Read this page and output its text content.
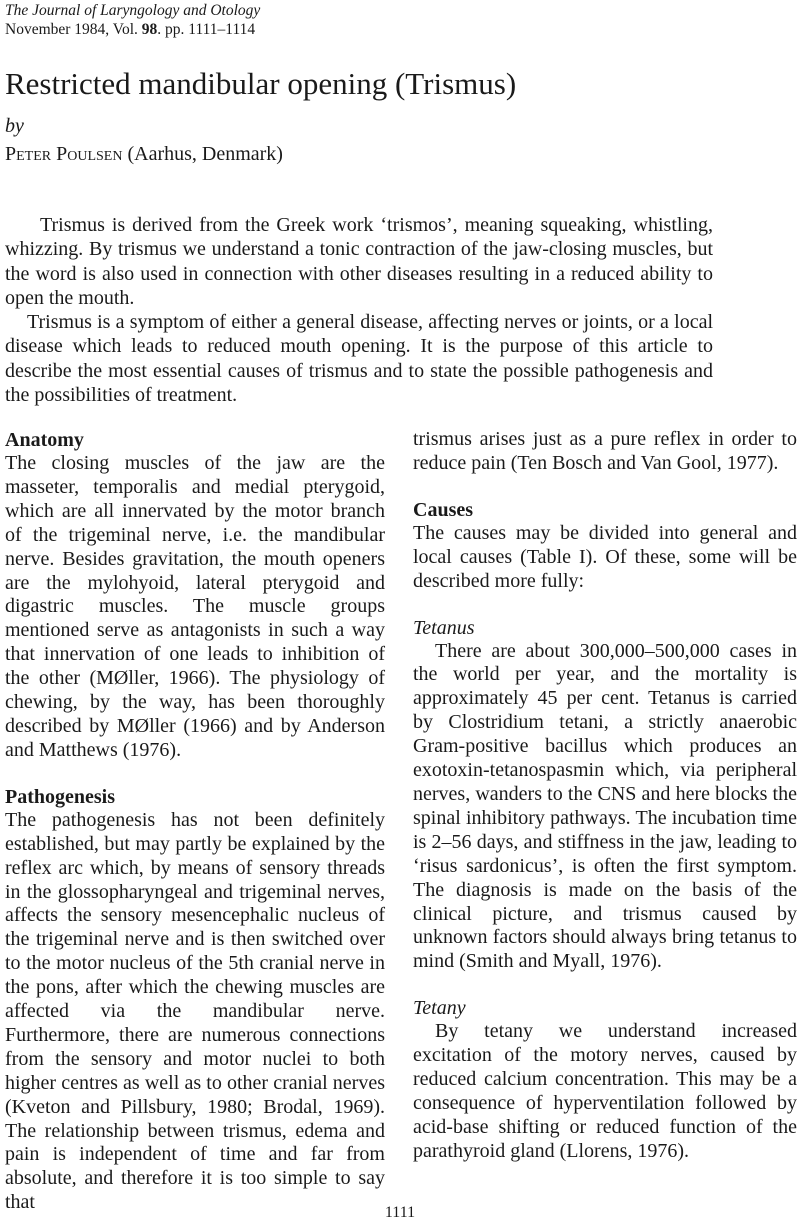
The Journal of Laryngology and Otology
November 1984, Vol. 98. pp. 1111–1114
Restricted mandibular opening (Trismus)
by
Peter Poulsen (Aarhus, Denmark)

Trismus is derived from the Greek work ‘trismos’, meaning squeaking, whistling, whizzing. By trismus we understand a tonic contraction of the jaw-closing muscles, but the word is also used in connection with other diseases resulting in a reduced ability to open the mouth.

Trismus is a symptom of either a general disease, affecting nerves or joints, or a local disease which leads to reduced mouth opening. It is the purpose of this article to describe the most essential causes of trismus and to state the possible pathogenesis and the possibilities of treatment.

Anatomy

The closing muscles of the jaw are the masseter, temporalis and medial pterygoid, which are all innervated by the motor branch of the trigeminal nerve, i.e. the mandibular nerve. Besides gravitation, the mouth openers are the mylohyoid, lateral pterygoid and digastric muscles. The muscle groups mentioned serve as antagonists in such a way that innervation of one leads to inhibition of the other (MØller, 1966). The physiology of chewing, by the way, has been thoroughly described by MØller (1966) and by Anderson and Matthews (1976).

Pathogenesis

The pathogenesis has not been definitely established, but may partly be explained by the reflex arc which, by means of sensory threads in the glossopharyngeal and trigeminal nerves, affects the sensory mesencephalic nucleus of the trigeminal nerve and is then switched over to the motor nucleus of the 5th cranial nerve in the pons, after which the chewing muscles are affected via the mandibular nerve. Furthermore, there are numerous connections from the sensory and motor nuclei to both higher centres as well as to other cranial nerves (Kveton and Pillsbury, 1980; Brodal, 1969). The relationship between trismus, edema and pain is independent of time and far from absolute, and therefore it is too simple to say that

trismus arises just as a pure reflex in order to reduce pain (Ten Bosch and Van Gool, 1977).

Causes

The causes may be divided into general and local causes (Table I). Of these, some will be described more fully:

Tetanus

There are about 300,000–500,000 cases in the world per year, and the mortality is approximately 45 per cent. Tetanus is carried by Clostridium tetani, a strictly anaerobic Gram-positive bacillus which produces an exotoxin-tetanospasmin which, via peripheral nerves, wanders to the CNS and here blocks the spinal inhibitory pathways. The incubation time is 2–56 days, and stiffness in the jaw, leading to ‘risus sardonicus’, is often the first symptom. The diagnosis is made on the basis of the clinical picture, and trismus caused by unknown factors should always bring tetanus to mind (Smith and Myall, 1976).

Tetany

By tetany we understand increased excitation of the motory nerves, caused by reduced calcium concentration. This may be a consequence of hyperventilation followed by acid-base shifting or reduced function of the parathyroid gland (Llorens, 1976).

1111
